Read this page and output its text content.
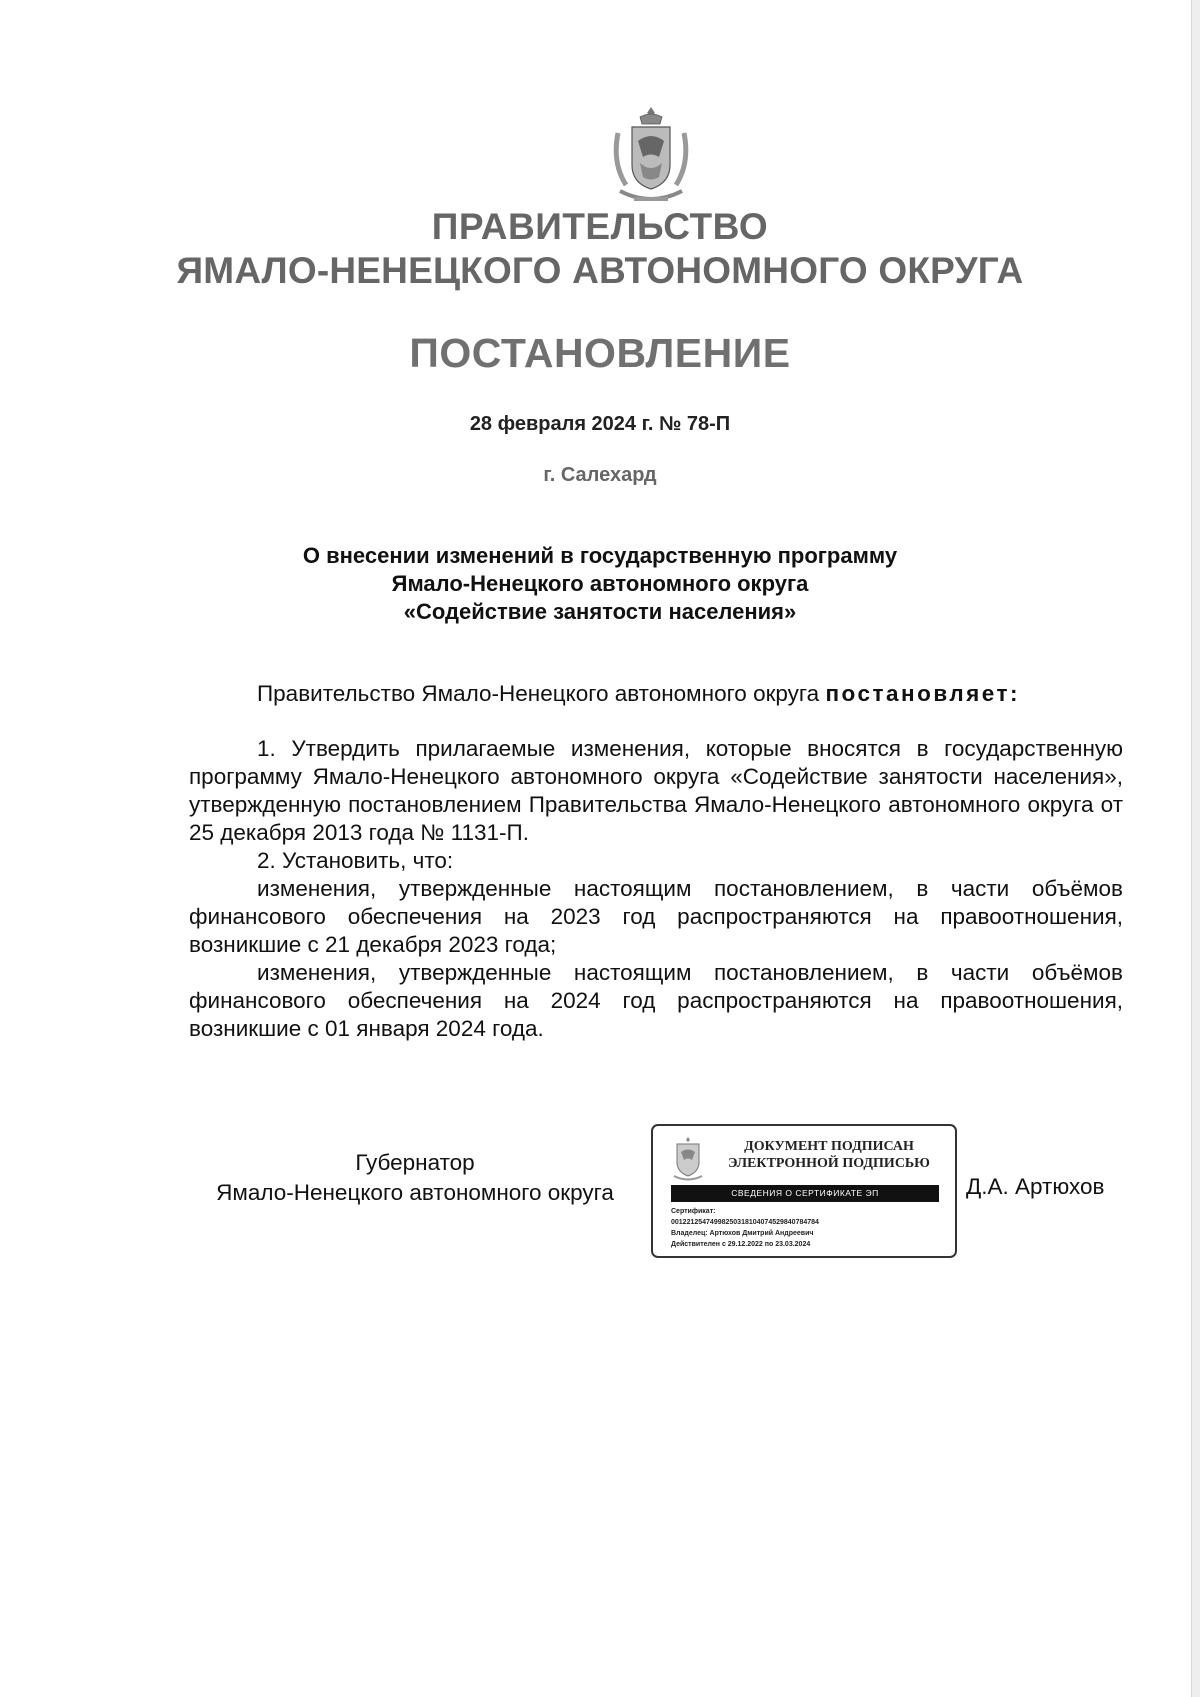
ПРАВИТЕЛЬСТВО
ЯМАЛО-НЕНЕЦКОГО АВТОНОМНОГО ОКРУГА
ПОСТАНОВЛЕНИЕ
28 февраля 2024 г. № 78-П
г. Салехард
О внесении изменений в государственную программу
Ямало-Ненецкого автономного округа
«Содействие занятости населения»
Правительство Ямало-Ненецкого автономного округа постановляет:

1. Утвердить прилагаемые изменения, которые вносятся в государственную программу Ямало-Ненецкого автономного округа «Содействие занятости населения», утвержденную постановлением Правительства Ямало-Ненецкого автономного округа от 25 декабря 2013 года № 1131-П.

2. Установить, что:

изменения, утвержденные настоящим постановлением, в части объёмов финансового обеспечения на 2023 год распространяются на правоотношения, возникшие с 21 декабря 2023 года;

изменения, утвержденные настоящим постановлением, в части объёмов финансового обеспечения на 2024 год распространяются на правоотношения, возникшие с 01 января 2024 года.

Губернатор
Ямало-Ненецкого автономного округа
ДОКУМЕНТ ПОДПИСАН
ЭЛЕКТРОННОЙ ПОДПИСЬЮ
СВЕДЕНИЯ О СЕРТИФИКАТЕ ЭП
Сертификат:
00122125474998250318104074529840784784
Владелец: Артюхов Дмитрий Андреевич
Действителен с 29.12.2022 по 23.03.2024
Д.А. Артюхов
